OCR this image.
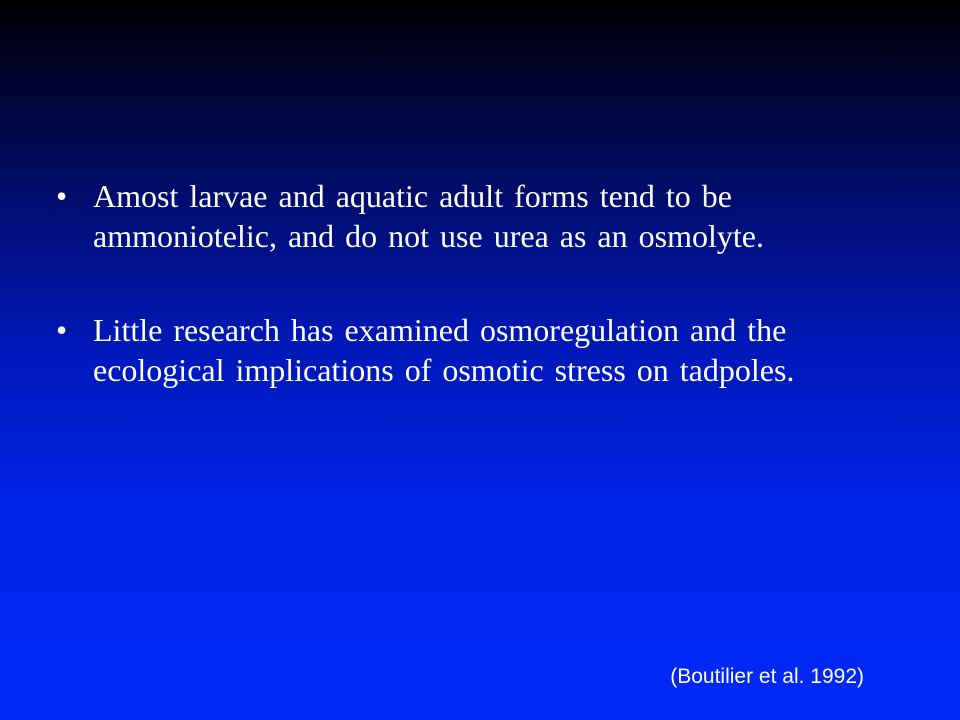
• Amost larvae and aquatic adult forms tend to be ammoniotelic, and do not use urea as an osmolyte.
• Little research has examined osmoregulation and the ecological implications of osmotic stress on tadpoles.
(Boutilier et al. 1992)
